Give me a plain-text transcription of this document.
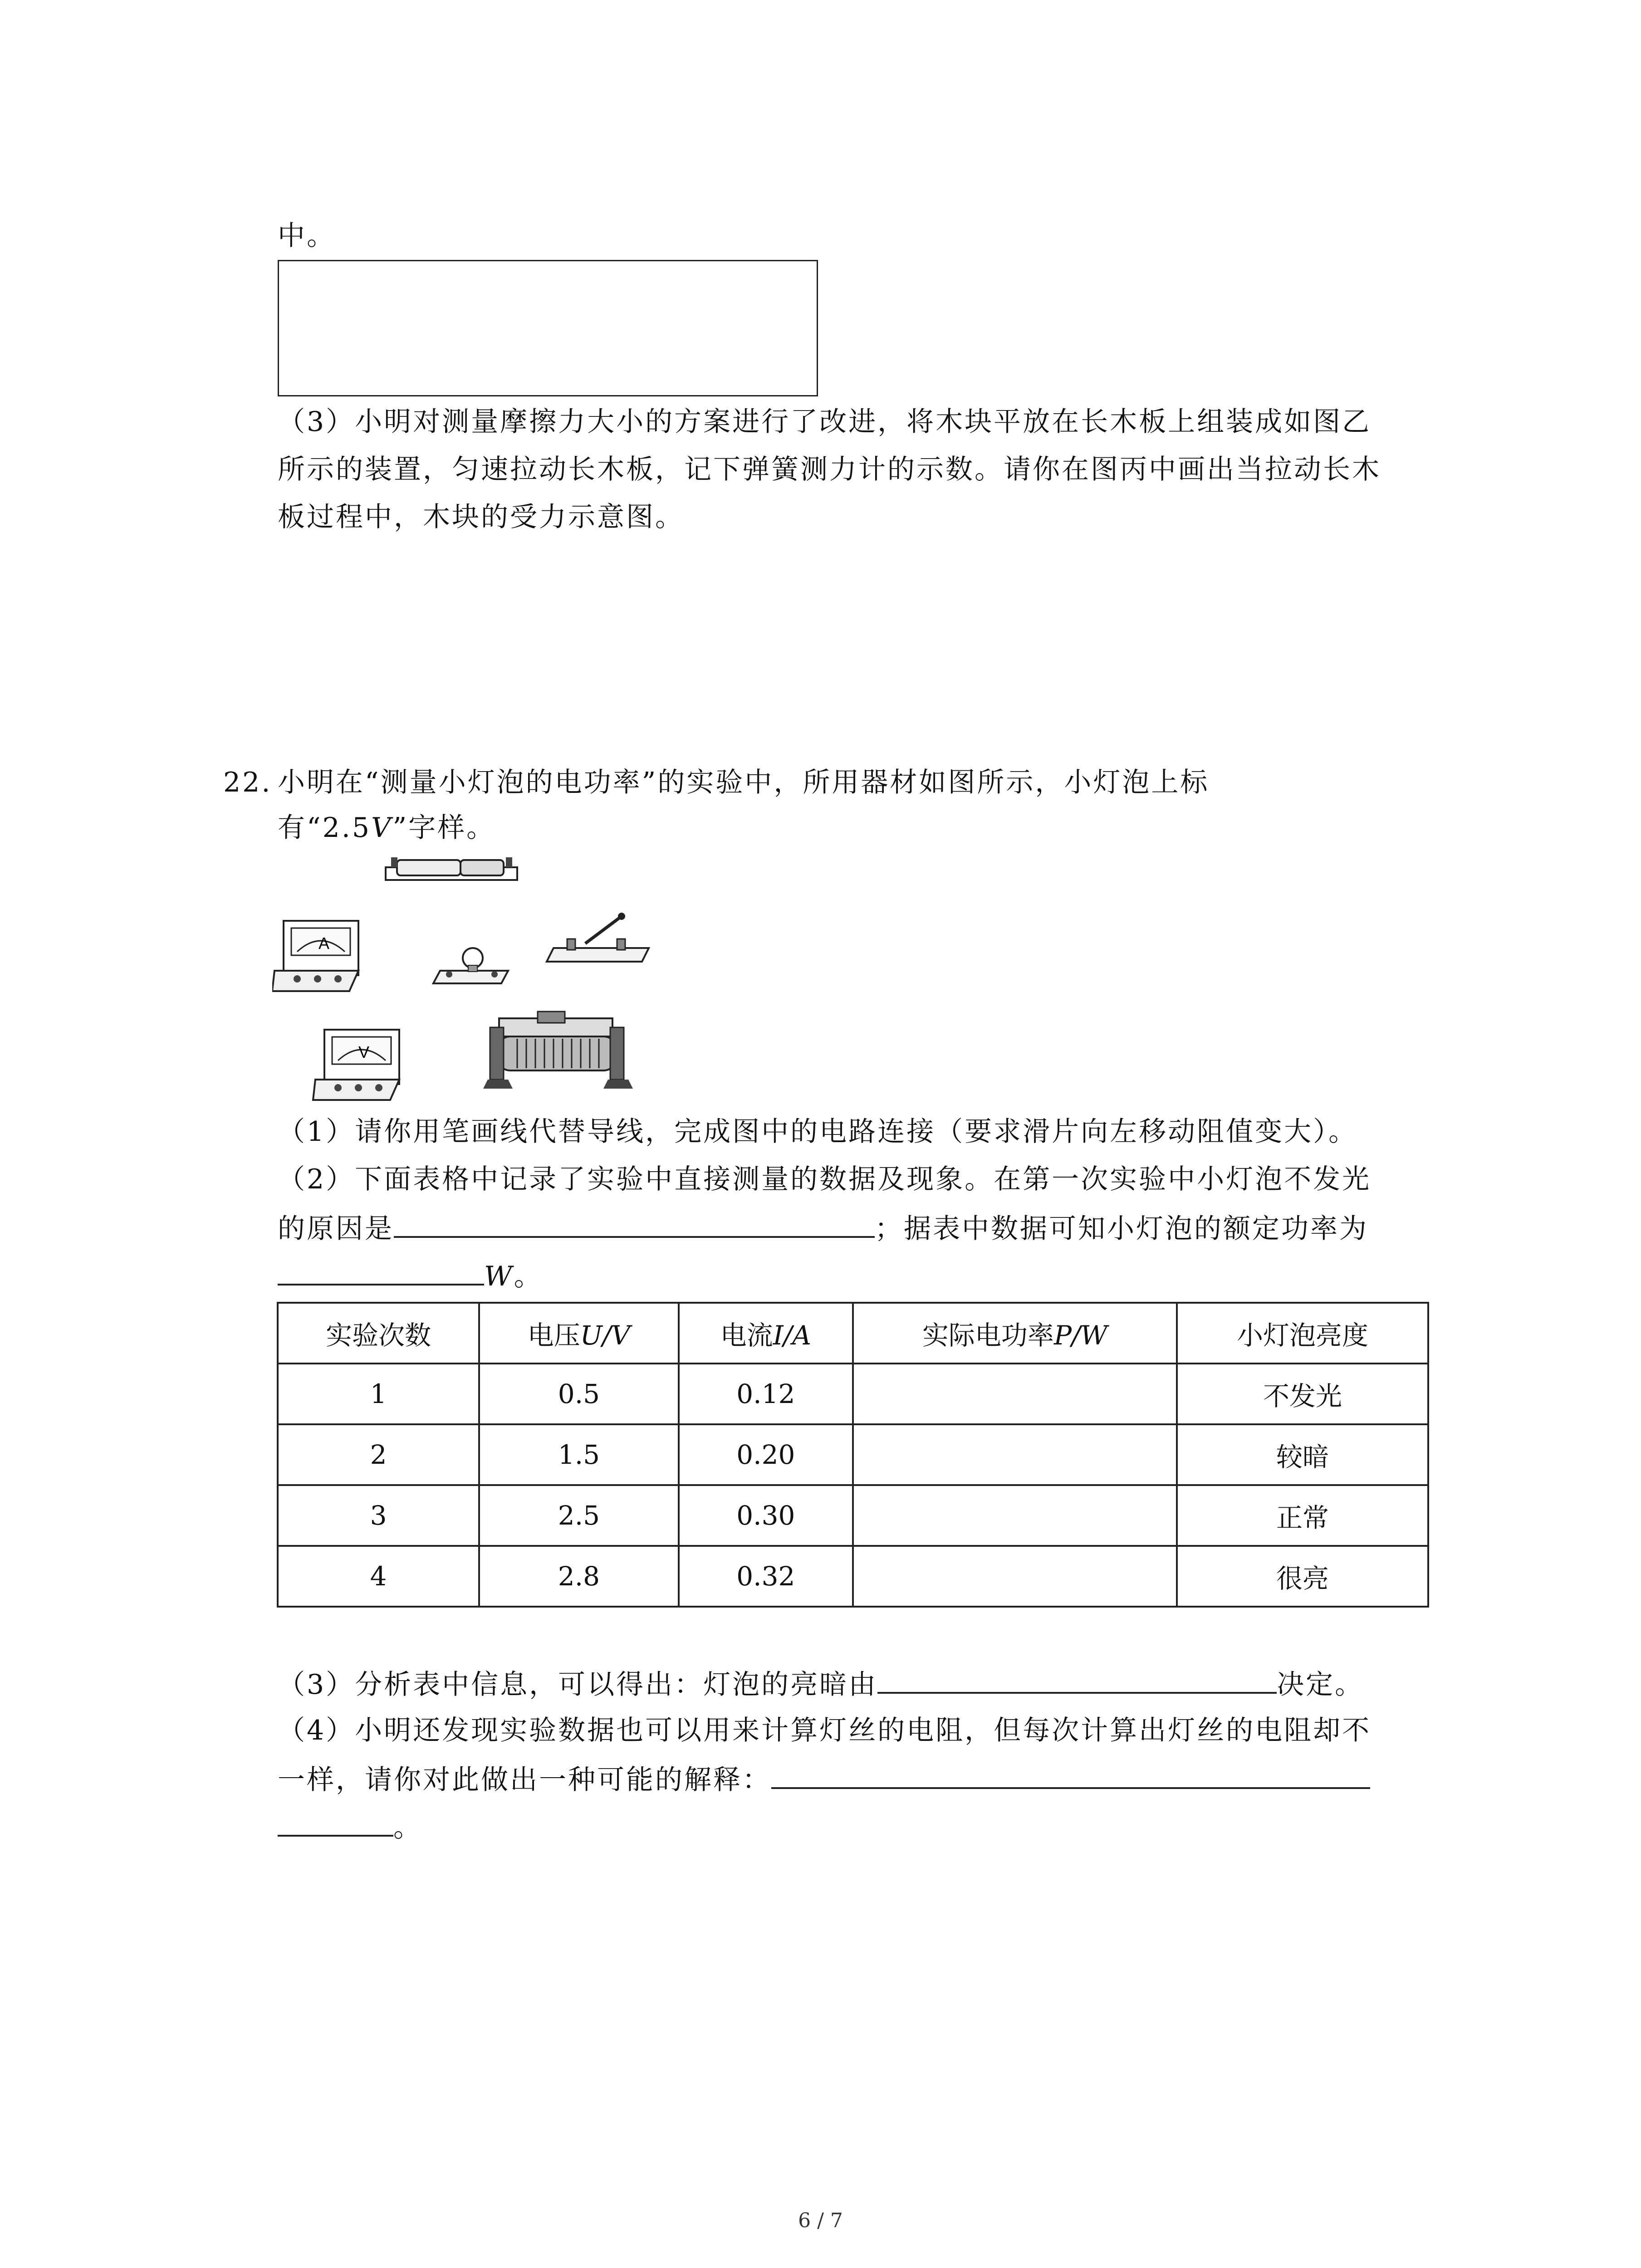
中。
（3）小明对测量摩擦力大小的方案进行了改进，将木块平放在长木板上组装成如图乙
所示的装置，匀速拉动长木板，记下弹簧测力计的示数。请你在图丙中画出当拉动长木
板过程中，木块的受力示意图。
22. 小明在“测量小灯泡的电功率”的实验中，所用器材如图所示，小灯泡上标
有“2.5V”字样。
A
V
（1）请你用笔画线代替导线，完成图中的电路连接（要求滑片向左移动阻值变大）。
（2）下面表格中记录了实验中直接测量的数据及现象。在第一次实验中小灯泡不发光
的原因是	；据表中数据可知小灯泡的额定功率为
W。
实验次数	电压U/V	电流I/A	实际电功率P/W	小灯泡亮度
1	0.5	0.12		不发光
2	1.5	0.20		较暗
3	2.5	0.30		正常
4	2.8	0.32		很亮
（3）分析表中信息，可以得出：灯泡的亮暗由	决定。
（4）小明还发现实验数据也可以用来计算灯丝的电阻，但每次计算出灯丝的电阻却不
一样，请你对此做出一种可能的解释：
。
6 / 7
